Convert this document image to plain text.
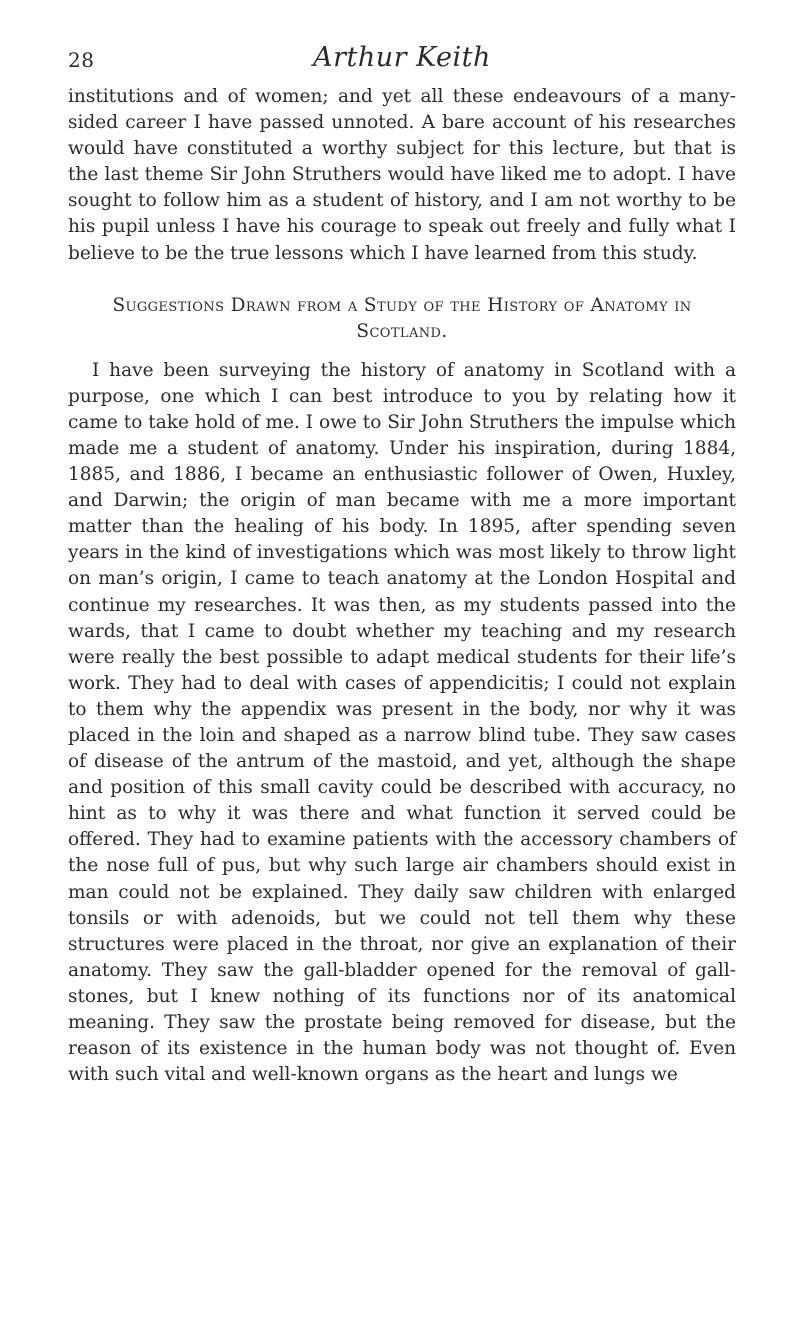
28	Arthur Keith

institutions and of women; and yet all these endeavours of a many-sided career I have passed unnoted. A bare account of his researches would have constituted a worthy subject for this lecture, but that is the last theme Sir John Struthers would have liked me to adopt. I have sought to follow him as a student of history, and I am not worthy to be his pupil unless I have his courage to speak out freely and fully what I believe to be the true lessons which I have learned from this study.

Suggestions Drawn from a Study of the History of Anatomy in Scotland.

I have been surveying the history of anatomy in Scotland with a purpose, one which I can best introduce to you by relating how it came to take hold of me. I owe to Sir John Struthers the impulse which made me a student of anatomy. Under his inspiration, during 1884, 1885, and 1886, I became an enthusiastic follower of Owen, Huxley, and Darwin; the origin of man became with me a more important matter than the healing of his body. In 1895, after spending seven years in the kind of investigations which was most likely to throw light on man’s origin, I came to teach anatomy at the London Hospital and continue my researches. It was then, as my students passed into the wards, that I came to doubt whether my teaching and my research were really the best possible to adapt medical students for their life’s work. They had to deal with cases of appendicitis; I could not explain to them why the appendix was present in the body, nor why it was placed in the loin and shaped as a narrow blind tube. They saw cases of disease of the antrum of the mastoid, and yet, although the shape and position of this small cavity could be described with accuracy, no hint as to why it was there and what function it served could be offered. They had to examine patients with the accessory chambers of the nose full of pus, but why such large air chambers should exist in man could not be explained. They daily saw children with enlarged tonsils or with adenoids, but we could not tell them why these structures were placed in the throat, nor give an explanation of their anatomy. They saw the gall-bladder opened for the removal of gall-stones, but I knew nothing of its functions nor of its anatomical meaning. They saw the prostate being removed for disease, but the reason of its existence in the human body was not thought of. Even with such vital and well-known organs as the heart and lungs we
